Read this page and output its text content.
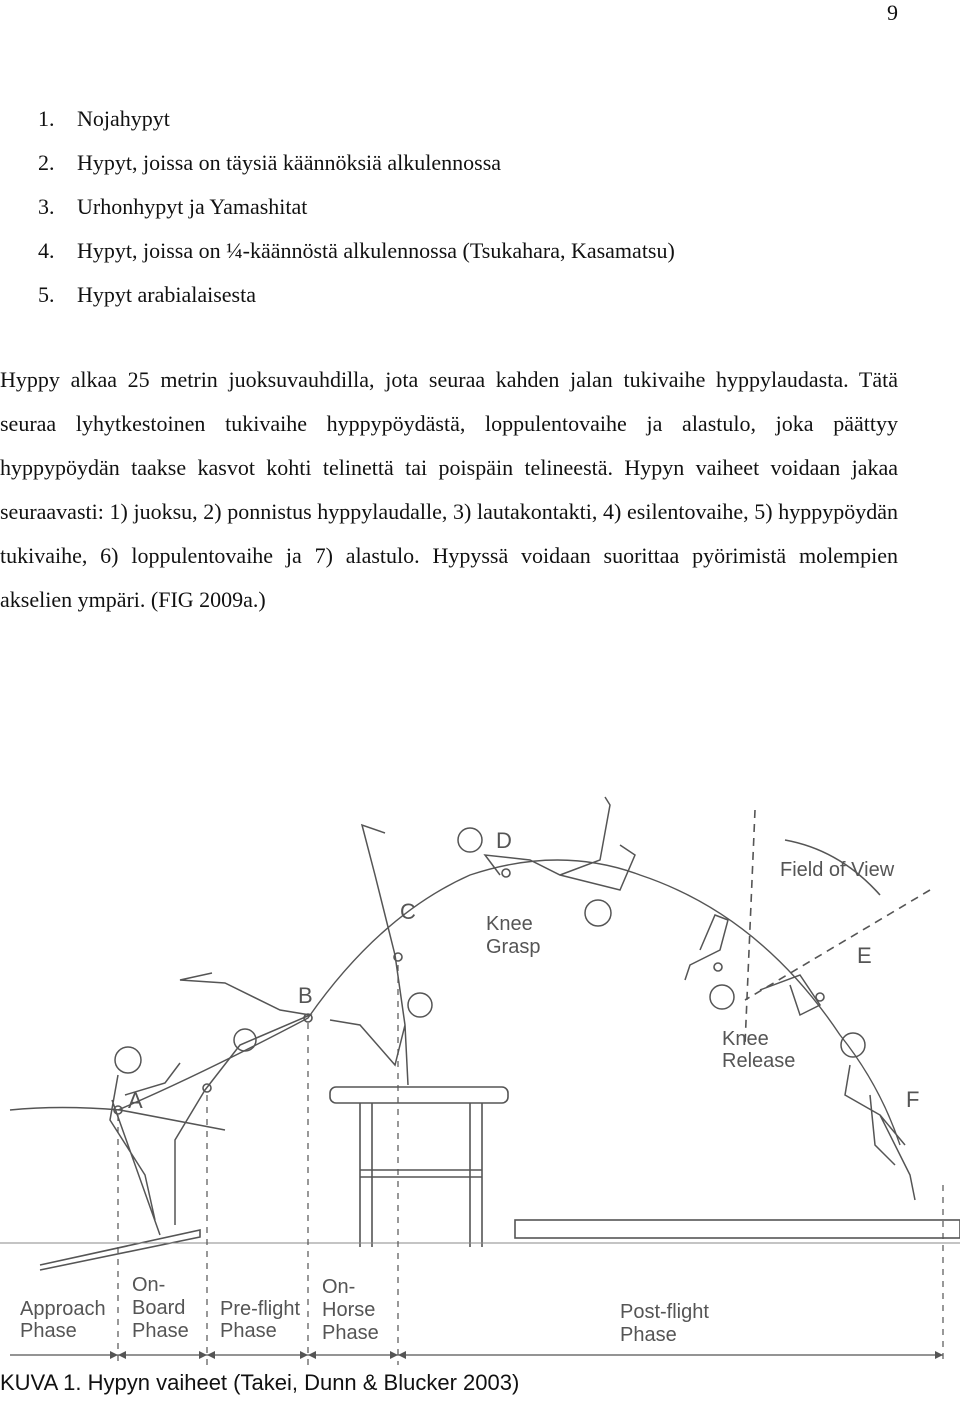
9
1. Nojahypyt
2. Hypyt, joissa on täysiä käännöksiä alkulennossa
3. Urhonhypyt ja Yamashitat
4. Hypyt, joissa on ¼-käännöstä alkulennossa (Tsukahara, Kasamatsu)
5. Hypyt arabialaisesta

Hyppy alkaa 25 metrin juoksuvauhdilla, jota seuraa kahden jalan tukivaihe hyppylaudasta. Tätä seuraa lyhytkestoinen tukivaihe hyppypöydästä, loppulentovaihe ja alastulo, joka päättyy hyppypöydän taakse kasvot kohti telinettä tai poispäin telineestä. Hypyn vaiheet voidaan jakaa seuraavasti: 1) juoksu, 2) ponnistus hyppylaudalle, 3) lautakontakti, 4) esilentovaihe, 5) hyppypöydän tukivaihe, 6) loppulentovaihe ja 7) alastulo. Hypyssä voidaan suorittaa pyörimistä molempien akselien ympäri. (FIG 2009a.)

A
B
C
D
E
F
Knee
Grasp
Knee
Release
Field of View
Approach
Phase
On-
Board
Phase
Pre-flight
Phase
On-
Horse
Phase
Post-flight
Phase
KUVA 1. Hypyn vaiheet (Takei, Dunn & Blucker 2003)
